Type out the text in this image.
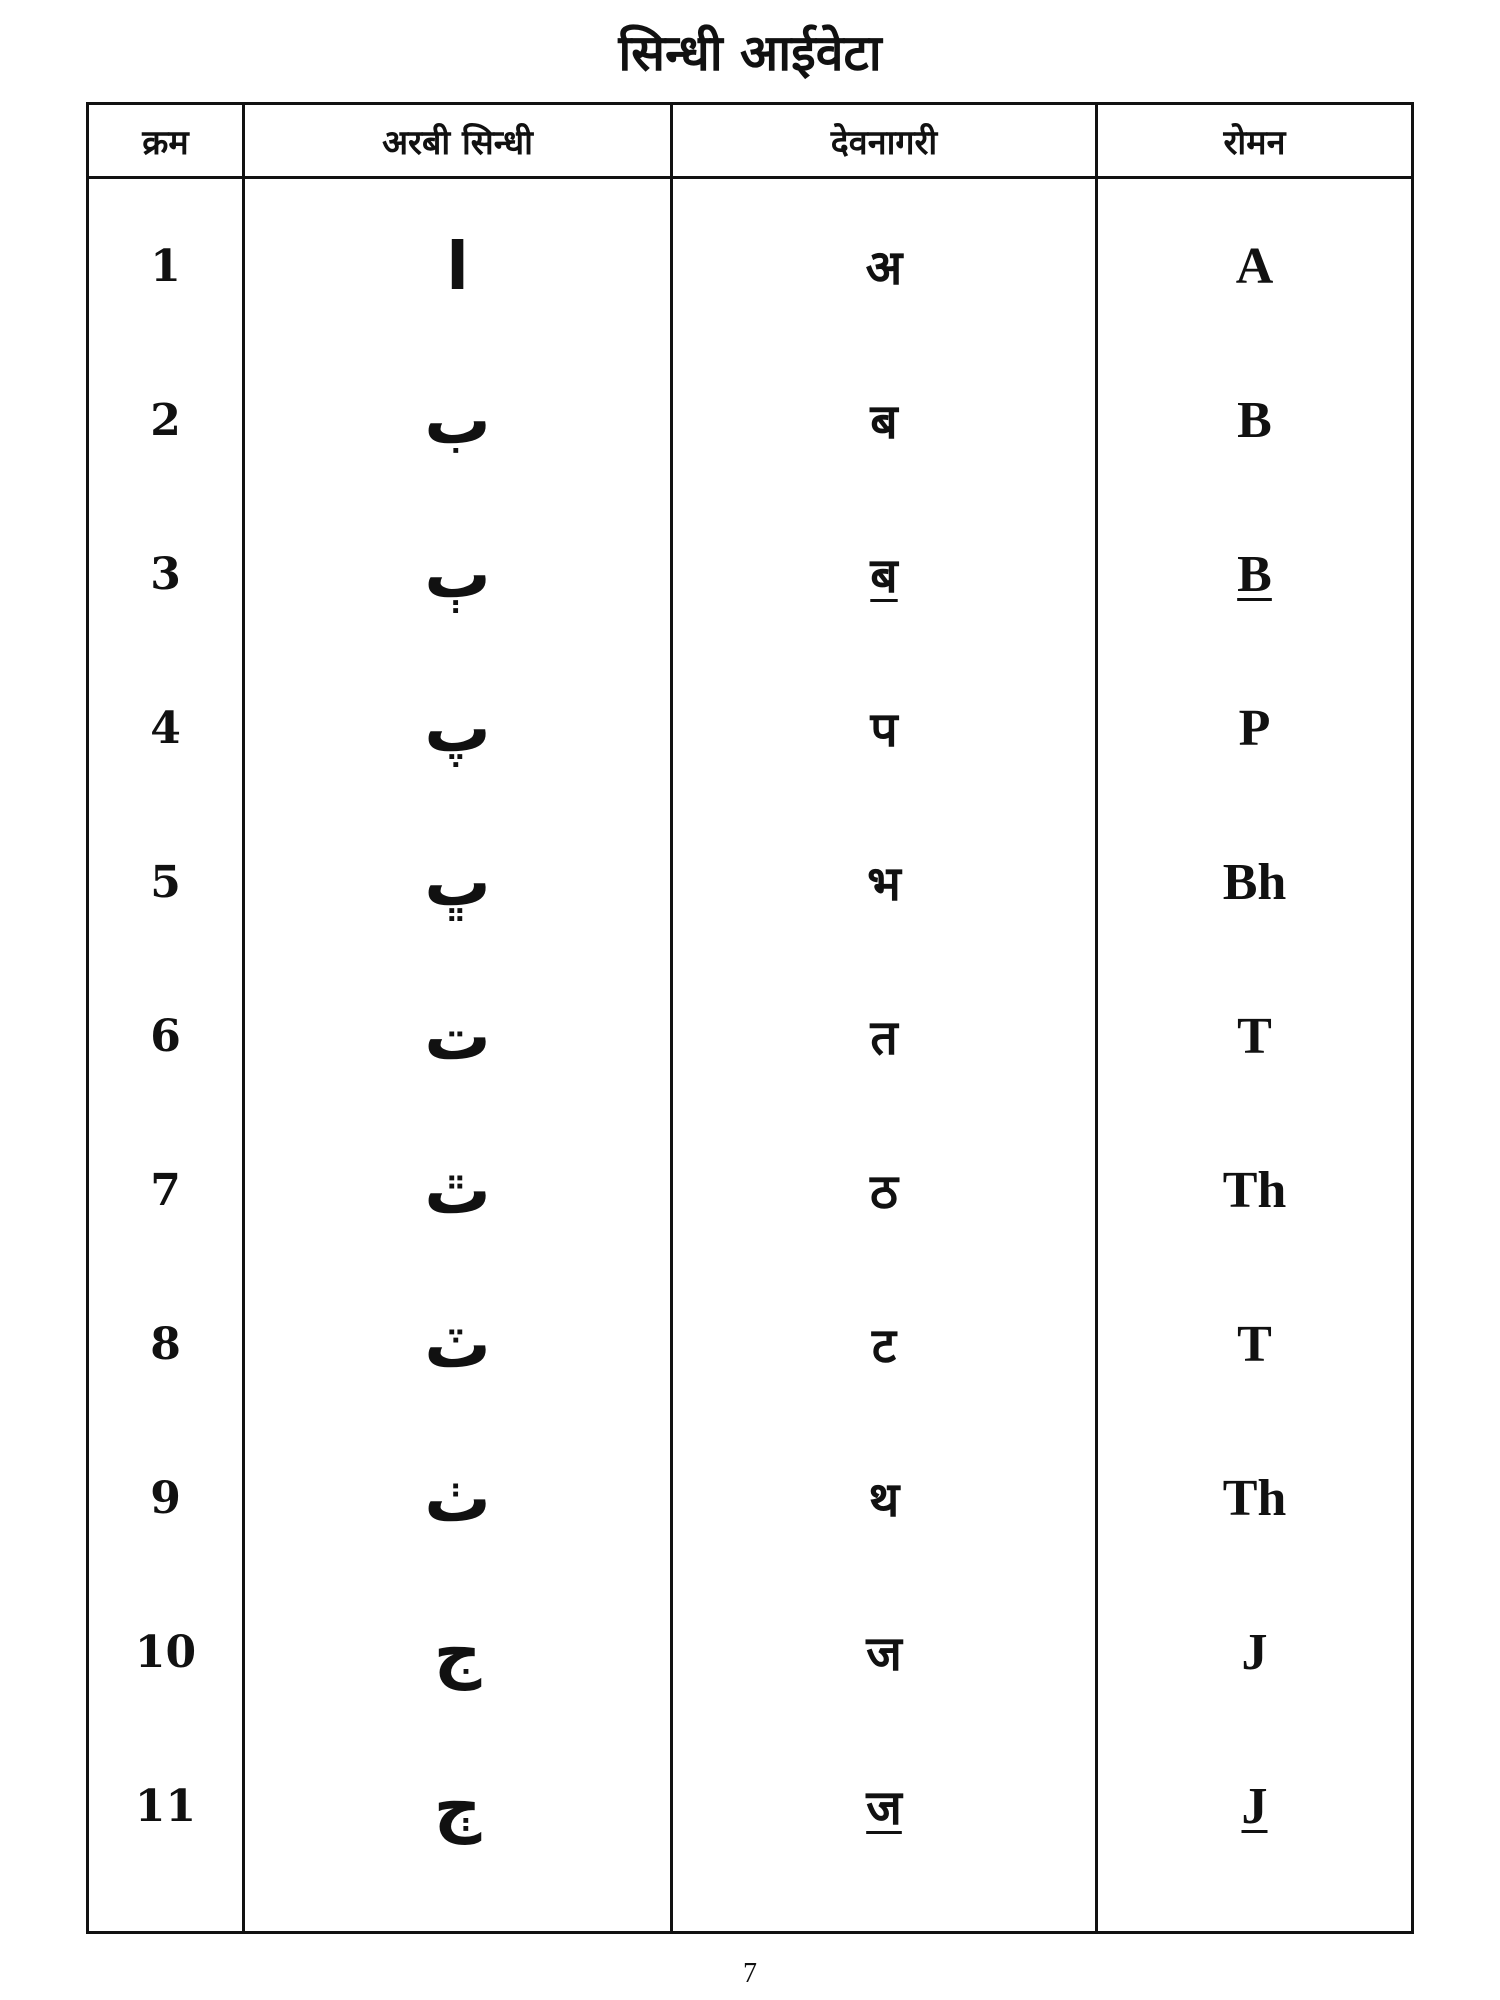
सिन्धी आईवेटा
क्रम	अरबी सिन्धी	देवनागरी	रोमन
1	ا	अ	A
2	ب	ब	B
3	ٻ	ब	B
4	پ	प	P
5	ڀ	भ	Bh
6	ت	त	T
7	ٿ	ठ	Th
8	ٽ	ट	T
9	ٺ	थ	Th
10	ج	ज	J
11	ڄ	ज	J
7
